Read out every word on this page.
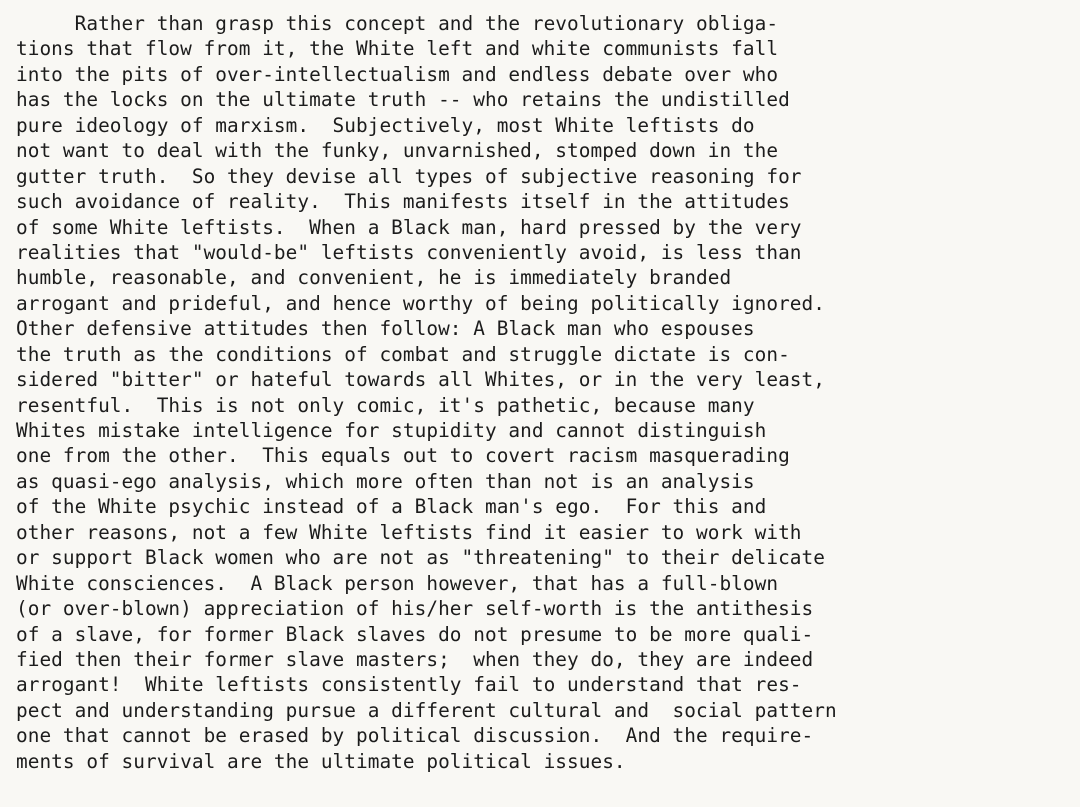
Rather than grasp this concept and the revolutionary obliga-
tions that flow from it, the White left and white communists fall
into the pits of over-intellectualism and endless debate over who
has the locks on the ultimate truth -- who retains the undistilled
pure ideology of marxism.  Subjectively, most White leftists do
not want to deal with the funky, unvarnished, stomped down in the
gutter truth.  So they devise all types of subjective reasoning for
such avoidance of reality.  This manifests itself in the attitudes
of some White leftists.  When a Black man, hard pressed by the very
realities that "would-be" leftists conveniently avoid, is less than
humble, reasonable, and convenient, he is immediately branded
arrogant and prideful, and hence worthy of being politically ignored.
Other defensive attitudes then follow: A Black man who espouses
the truth as the conditions of combat and struggle dictate is con-
sidered "bitter" or hateful towards all Whites, or in the very least,
resentful.  This is not only comic, it's pathetic, because many
Whites mistake intelligence for stupidity and cannot distinguish
one from the other.  This equals out to covert racism masquerading
as quasi-ego analysis, which more often than not is an analysis
of the White psychic instead of a Black man's ego.  For this and
other reasons, not a few White leftists find it easier to work with
or support Black women who are not as "threatening" to their delicate
White consciences.  A Black person however, that has a full-blown
(or over-blown) appreciation of his/her self-worth is the antithesis
of a slave, for former Black slaves do not presume to be more quali-
fied then their former slave masters;  when they do, they are indeed
arrogant!  White leftists consistently fail to understand that res-
pect and understanding pursue a different cultural and  social pattern
one that cannot be erased by political discussion.  And the require-
ments of survival are the ultimate political issues.
